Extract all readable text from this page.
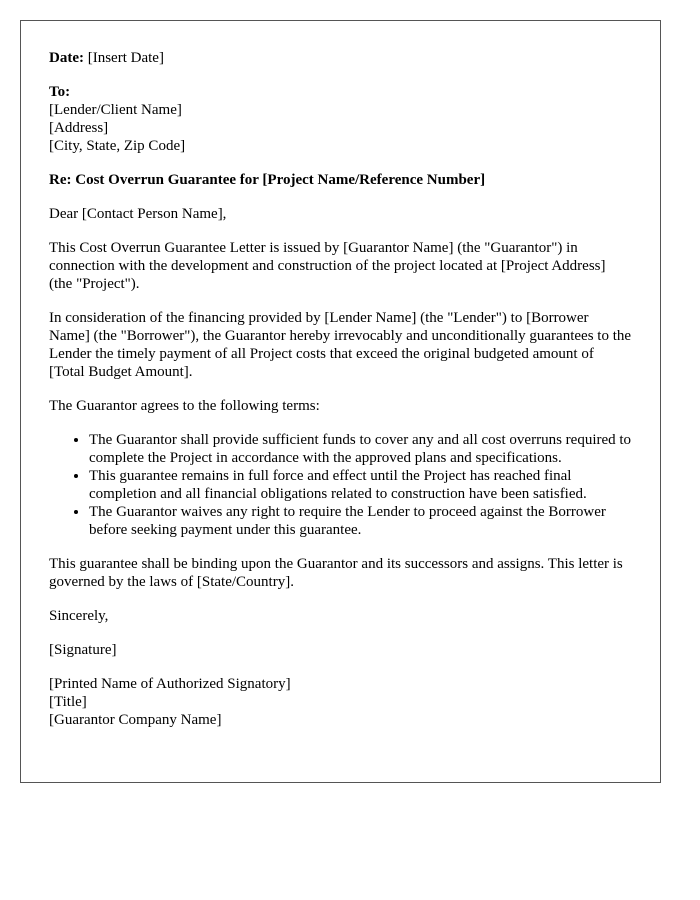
Date: [Insert Date]

To:
[Lender/Client Name]
[Address]
[City, State, Zip Code]

Re: Cost Overrun Guarantee for [Project Name/Reference Number]

Dear [Contact Person Name],

This Cost Overrun Guarantee Letter is issued by [Guarantor Name] (the "Guarantor") in connection with the development and construction of the project located at [Project Address] (the "Project").

In consideration of the financing provided by [Lender Name] (the "Lender") to [Borrower Name] (the "Borrower"), the Guarantor hereby irrevocably and unconditionally guarantees to the Lender the timely payment of all Project costs that exceed the original budgeted amount of [Total Budget Amount].

The Guarantor agrees to the following terms:

• The Guarantor shall provide sufficient funds to cover any and all cost overruns required to complete the Project in accordance with the approved plans and specifications.
• This guarantee remains in full force and effect until the Project has reached final completion and all financial obligations related to construction have been satisfied.
• The Guarantor waives any right to require the Lender to proceed against the Borrower before seeking payment under this guarantee.

This guarantee shall be binding upon the Guarantor and its successors and assigns. This letter is governed by the laws of [State/Country].

Sincerely,

[Signature]

[Printed Name of Authorized Signatory]
[Title]
[Guarantor Company Name]
